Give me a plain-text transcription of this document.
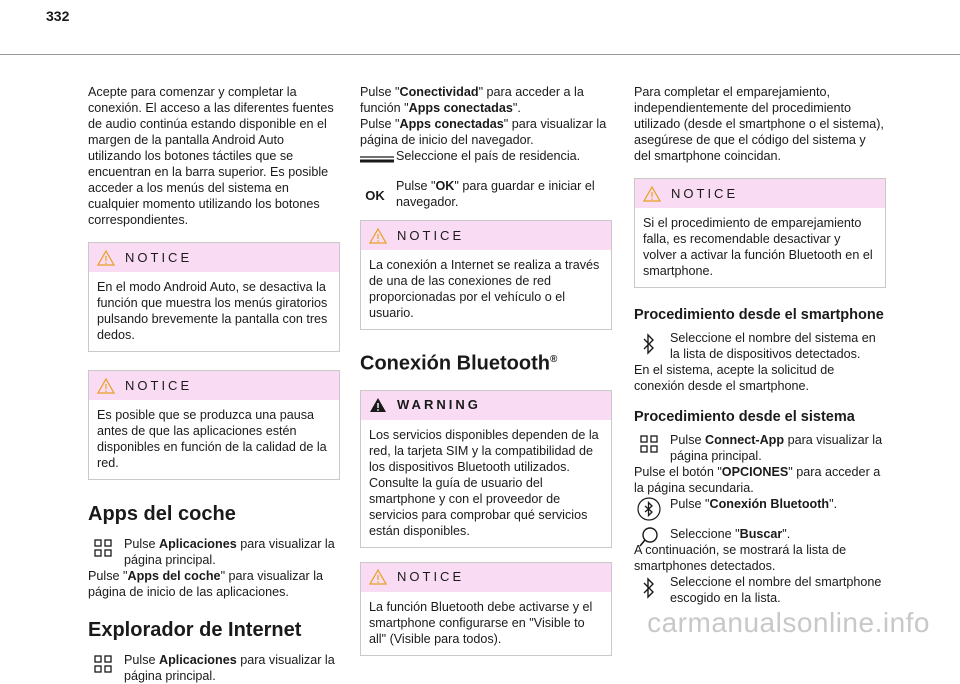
332

Acepte para comenzar y completar la conexión. El acceso a las diferentes fuentes de audio continúa estando disponible en el margen de la pantalla Android Auto utilizando los botones táctiles que se encuentran en la barra superior. Es posible acceder a los menús del sistema en cualquier momento utilizando los botones correspondientes.

NOTICE

En el modo Android Auto, se desactiva la función que muestra los menús giratorios pulsando brevemente la pantalla con tres dedos.

NOTICE

Es posible que se produzca una pausa antes de que las aplicaciones estén disponibles en función de la calidad de la red.

Apps del coche

Pulse Aplicaciones para visualizar la página principal.

Pulse "Apps del coche" para visualizar la página de inicio de las aplicaciones.

Explorador de Internet

Pulse Aplicaciones para visualizar la página principal.

Pulse "Conectividad" para acceder a la función "Apps conectadas".

Pulse "Apps conectadas" para visualizar la página de inicio del navegador.

Seleccione el país de residencia.

OK

Pulse "OK" para guardar e iniciar el navegador.

NOTICE

La conexión a Internet se realiza a través de una de las conexiones de red proporcionadas por el vehículo o el usuario.

Conexión Bluetooth®
WARNING

Los servicios disponibles dependen de la red, la tarjeta SIM y la compatibilidad de los dispositivos Bluetooth utilizados. Consulte la guía de usuario del smartphone y con el proveedor de servicios para comprobar qué servicios están disponibles.

NOTICE

La función Bluetooth debe activarse y el smartphone configurarse en "Visible to all" (Visible para todos).

Para completar el emparejamiento, independientemente del procedimiento utilizado (desde el smartphone o el sistema), asegúrese de que el código del sistema y del smartphone coincidan.

NOTICE

Si el procedimiento de emparejamiento falla, es recomendable desactivar y volver a activar la función Bluetooth en el smartphone.

Procedimiento desde el smartphone

Seleccione el nombre del sistema en la lista de dispositivos detectados.

En el sistema, acepte la solicitud de conexión desde el smartphone.

Procedimiento desde el sistema

Pulse Connect-App para visualizar la página principal.

Pulse el botón "OPCIONES" para acceder a la página secundaria.

Pulse "Conexión Bluetooth".

Seleccione "Buscar".

A continuación, se mostrará la lista de smartphones detectados.

Seleccione el nombre del smartphone escogido en la lista.

carmanualsonline.info
